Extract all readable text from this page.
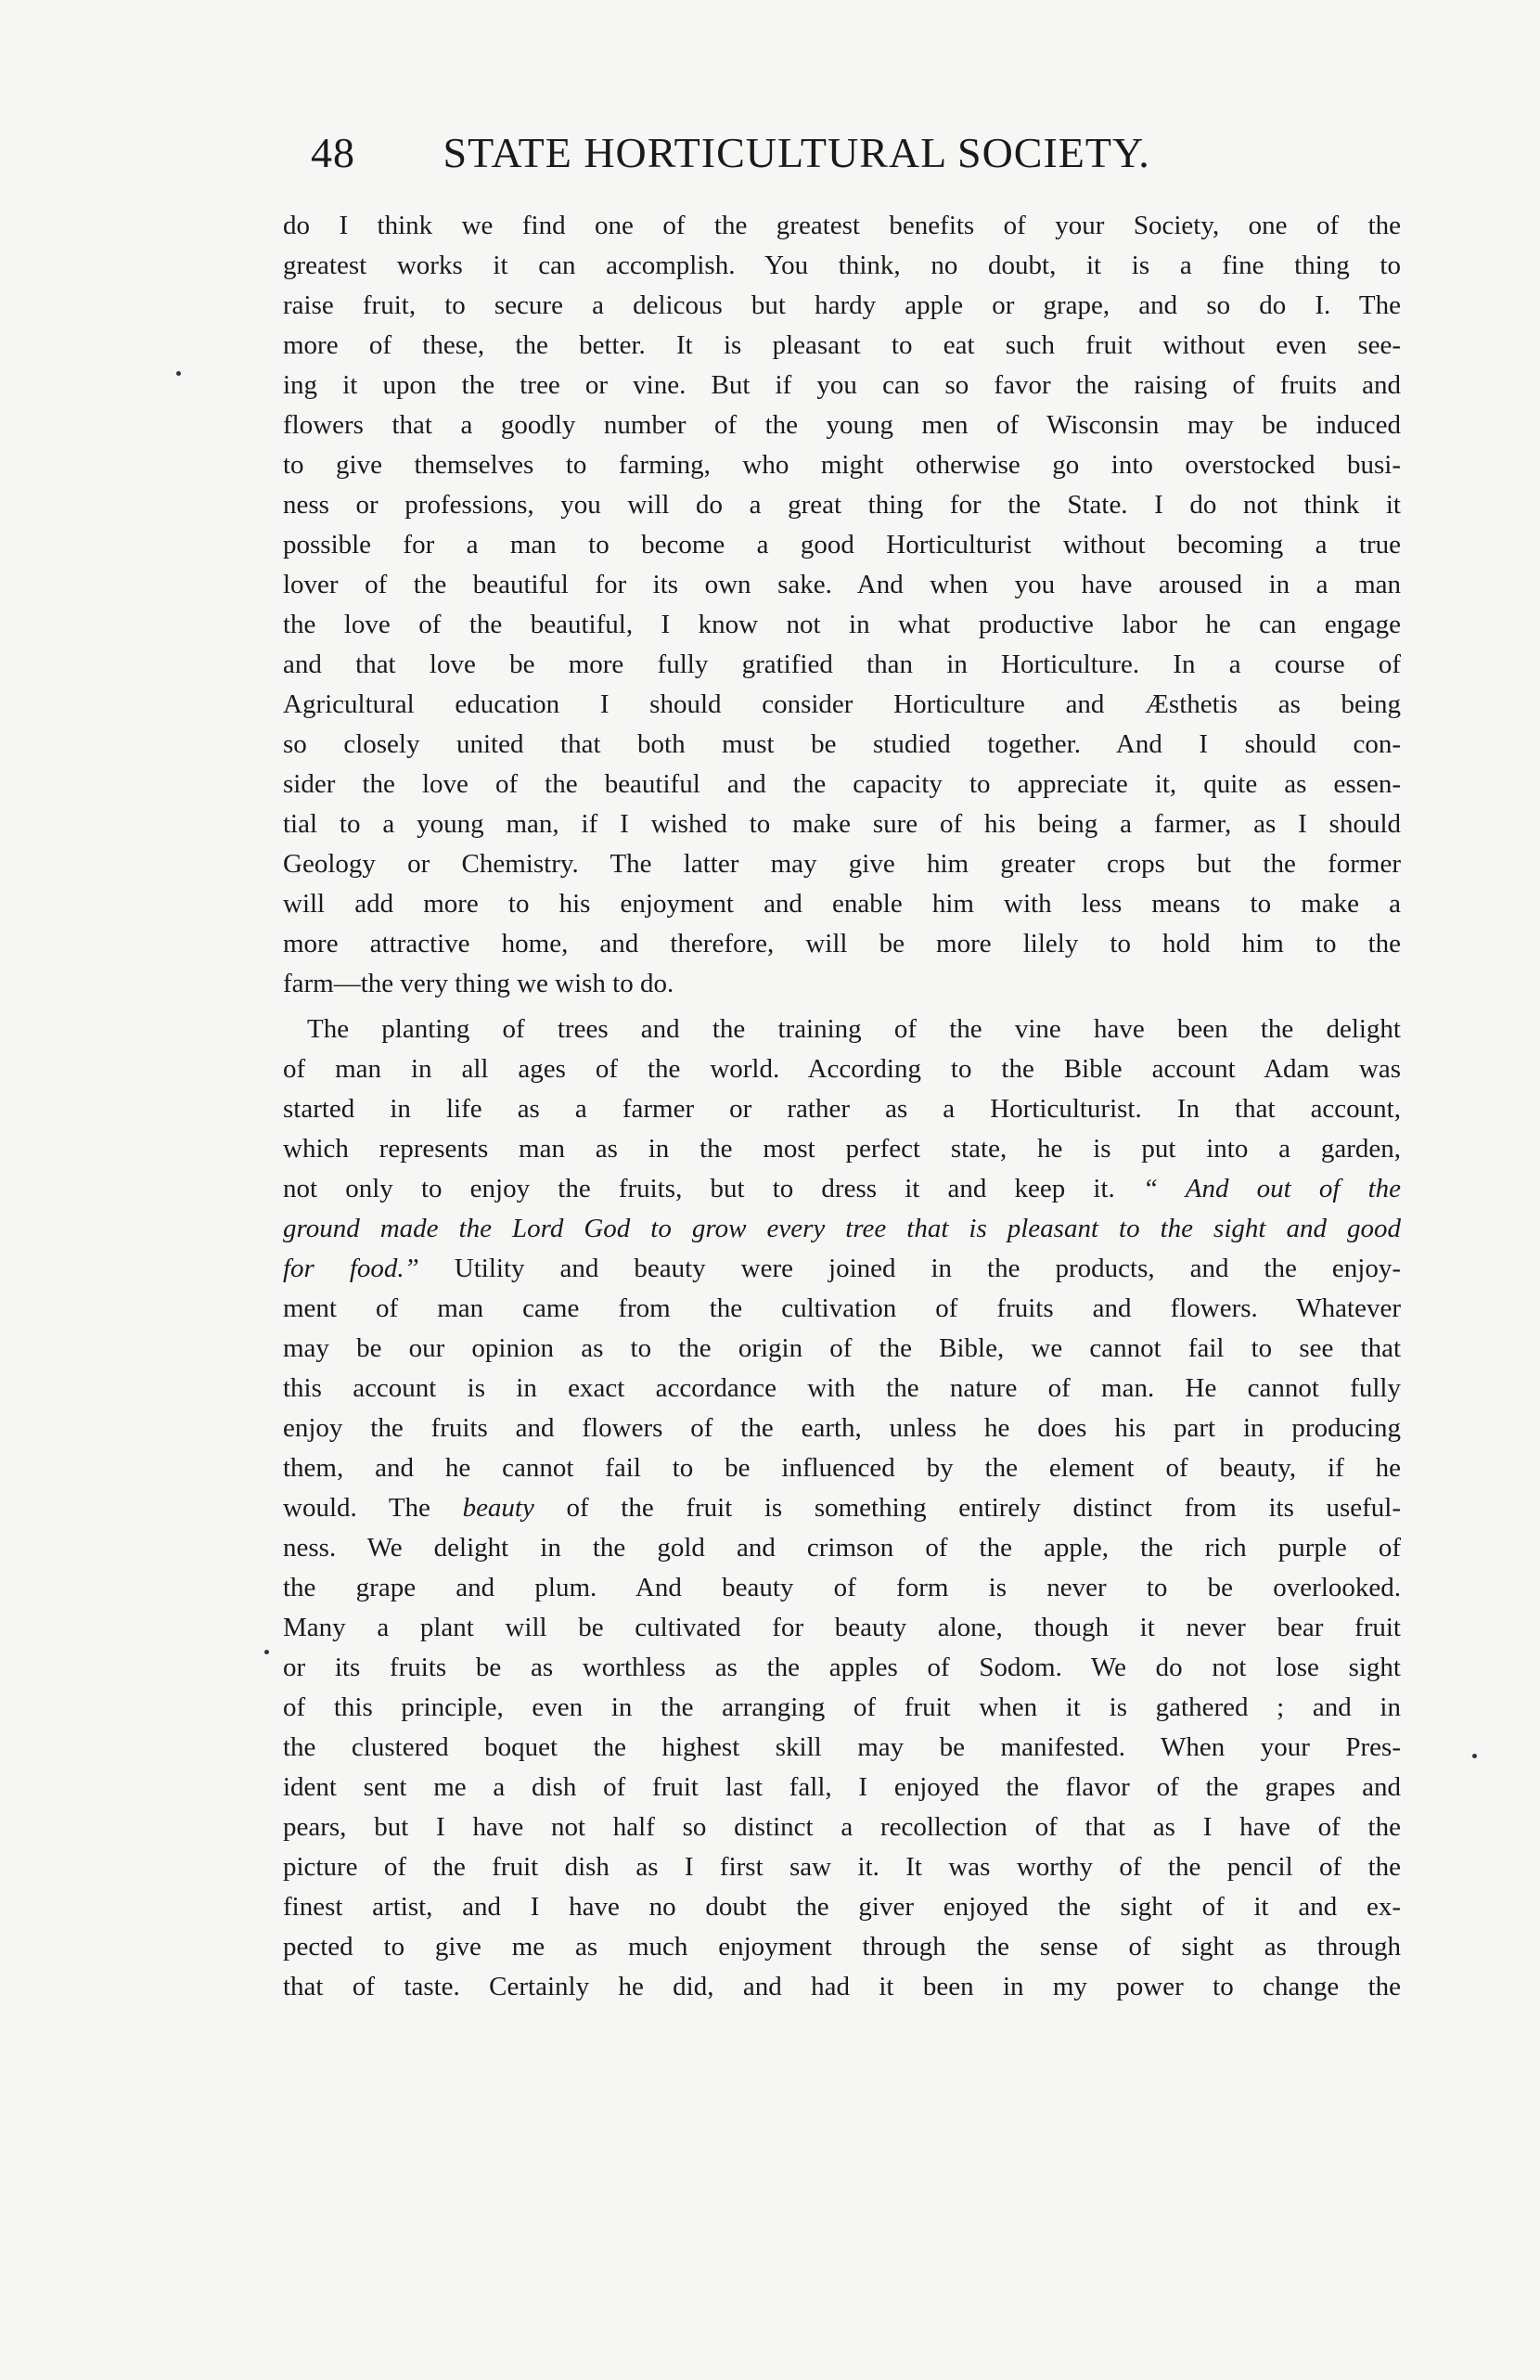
48 STATE HORTICULTURAL SOCIETY.
do I think we find one of the greatest benefits of your Society, one of the
greatest works it can accomplish. You think, no doubt, it is a fine thing to
raise fruit, to secure a delicous but hardy apple or grape, and so do I. The
more of these, the better. It is pleasant to eat such fruit without even see-
ing it upon the tree or vine. But if you can so favor the raising of fruits and
flowers that a goodly number of the young men of Wisconsin may be induced
to give themselves to farming, who might otherwise go into overstocked busi-
ness or professions, you will do a great thing for the State. I do not think it
possible for a man to become a good Horticulturist without becoming a true
lover of the beautiful for its own sake. And when you have aroused in a man
the love of the beautiful, I know not in what productive labor he can engage
and that love be more fully gratified than in Horticulture. In a course of
Agricultural education I should consider Horticulture and Æsthetis as being
so closely united that both must be studied together. And I should con-
sider the love of the beautiful and the capacity to appreciate it, quite as essen-
tial to a young man, if I wished to make sure of his being a farmer, as I should
Geology or Chemistry. The latter may give him greater crops but the former
will add more to his enjoyment and enable him with less means to make a
more attractive home, and therefore, will be more lilely to hold him to the
farm—the very thing we wish to do.
The planting of trees and the training of the vine have been the delight
of man in all ages of the world. According to the Bible account Adam was
started in life as a farmer or rather as a Horticulturist. In that account,
which represents man as in the most perfect state, he is put into a garden,
not only to enjoy the fruits, but to dress it and keep it. “ And out of the
ground made the Lord God to grow every tree that is pleasant to the sight and good
for food.” Utility and beauty were joined in the products, and the enjoy-
ment of man came from the cultivation of fruits and flowers. Whatever
may be our opinion as to the origin of the Bible, we cannot fail to see that
this account is in exact accordance with the nature of man. He cannot fully
enjoy the fruits and flowers of the earth, unless he does his part in producing
them, and he cannot fail to be influenced by the element of beauty, if he
would. The beauty of the fruit is something entirely distinct from its useful-
ness. We delight in the gold and crimson of the apple, the rich purple of
the grape and plum. And beauty of form is never to be overlooked.
Many a plant will be cultivated for beauty alone, though it never bear fruit
or its fruits be as worthless as the apples of Sodom. We do not lose sight
of this principle, even in the arranging of fruit when it is gathered ; and in
the clustered boquet the highest skill may be manifested. When your Pres-
ident sent me a dish of fruit last fall, I enjoyed the flavor of the grapes and
pears, but I have not half so distinct a recollection of that as I have of the
picture of the fruit dish as I first saw it. It was worthy of the pencil of the
finest artist, and I have no doubt the giver enjoyed the sight of it and ex-
pected to give me as much enjoyment through the sense of sight as through
that of taste. Certainly he did, and had it been in my power to change the
